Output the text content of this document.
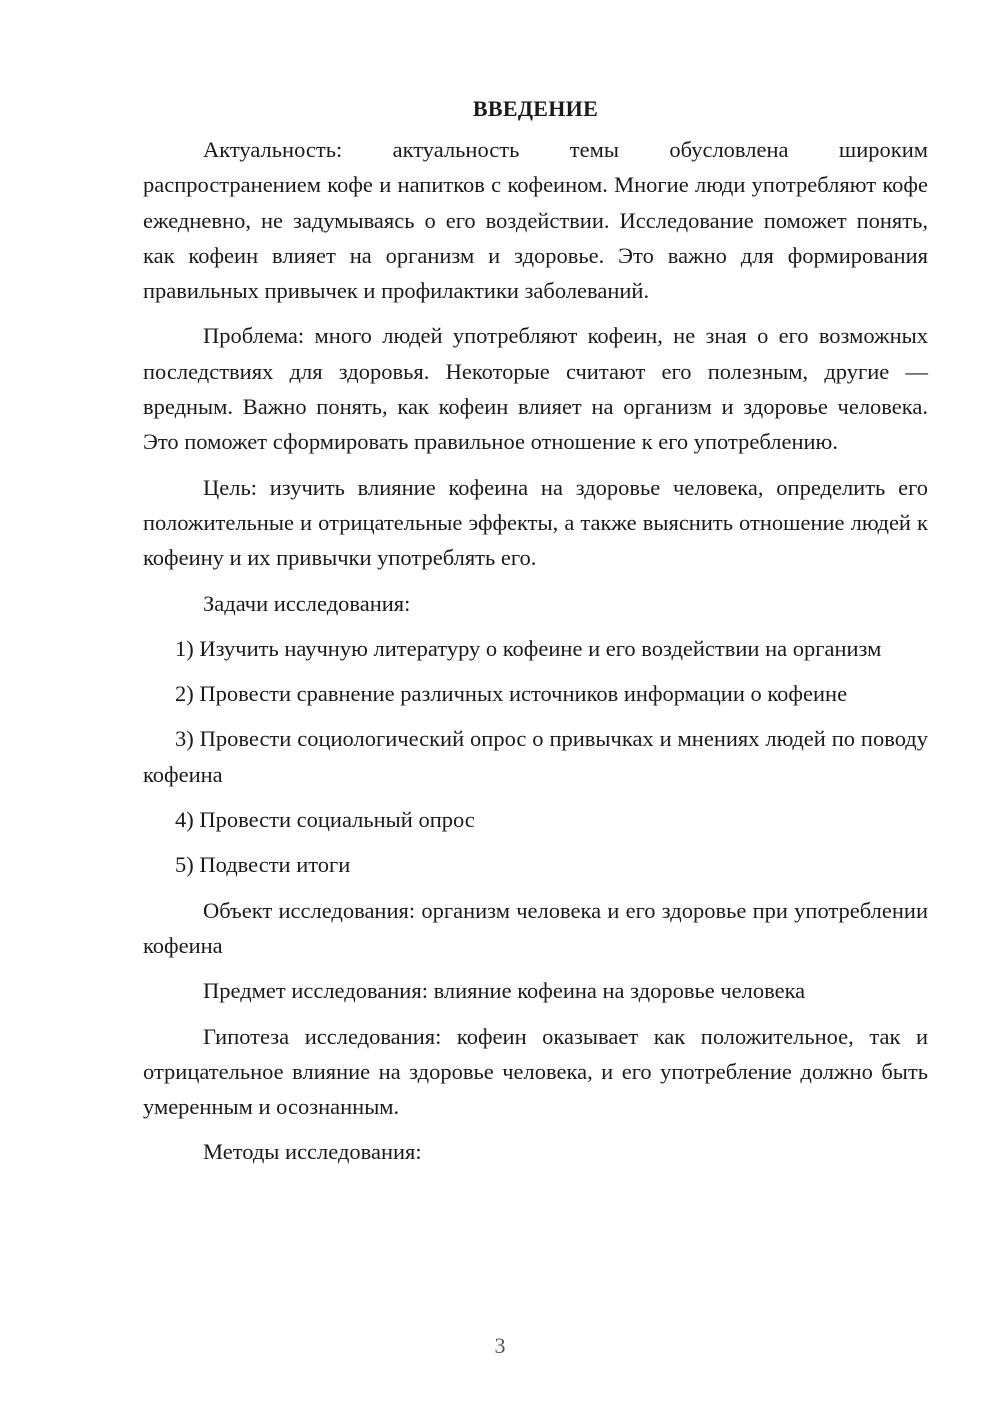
ВВЕДЕНИЕ

Актуальность: актуальность темы обусловлена широким распространением кофе и напитков с кофеином. Многие люди употребляют кофе ежедневно, не задумываясь о его воздействии. Исследование поможет понять, как кофеин влияет на организм и здоровье. Это важно для формирования правильных привычек и профилактики заболеваний.

Проблема: много людей употребляют кофеин, не зная о его возможных последствиях для здоровья. Некоторые считают его полезным, другие — вредным. Важно понять, как кофеин влияет на организм и здоровье человека. Это поможет сформировать правильное отношение к его употреблению.

Цель: изучить влияние кофеина на здоровье человека, определить его положительные и отрицательные эффекты, а также выяснить отношение людей к кофеину и их привычки употреблять его.

Задачи исследования:

1) Изучить научную литературу о кофеине и его воздействии на организм

2) Провести сравнение различных источников информации о кофеине

3) Провести социологический опрос о привычках и мнениях людей по поводу кофеина

4) Провести социальный опрос

5) Подвести итоги

Объект исследования: организм человека и его здоровье при употреблении кофеина

Предмет исследования: влияние кофеина на здоровье человека

Гипотеза исследования: кофеин оказывает как положительное, так и отрицательное влияние на здоровье человека, и его употребление должно быть умеренным и осознанным.

Методы исследования:

3
